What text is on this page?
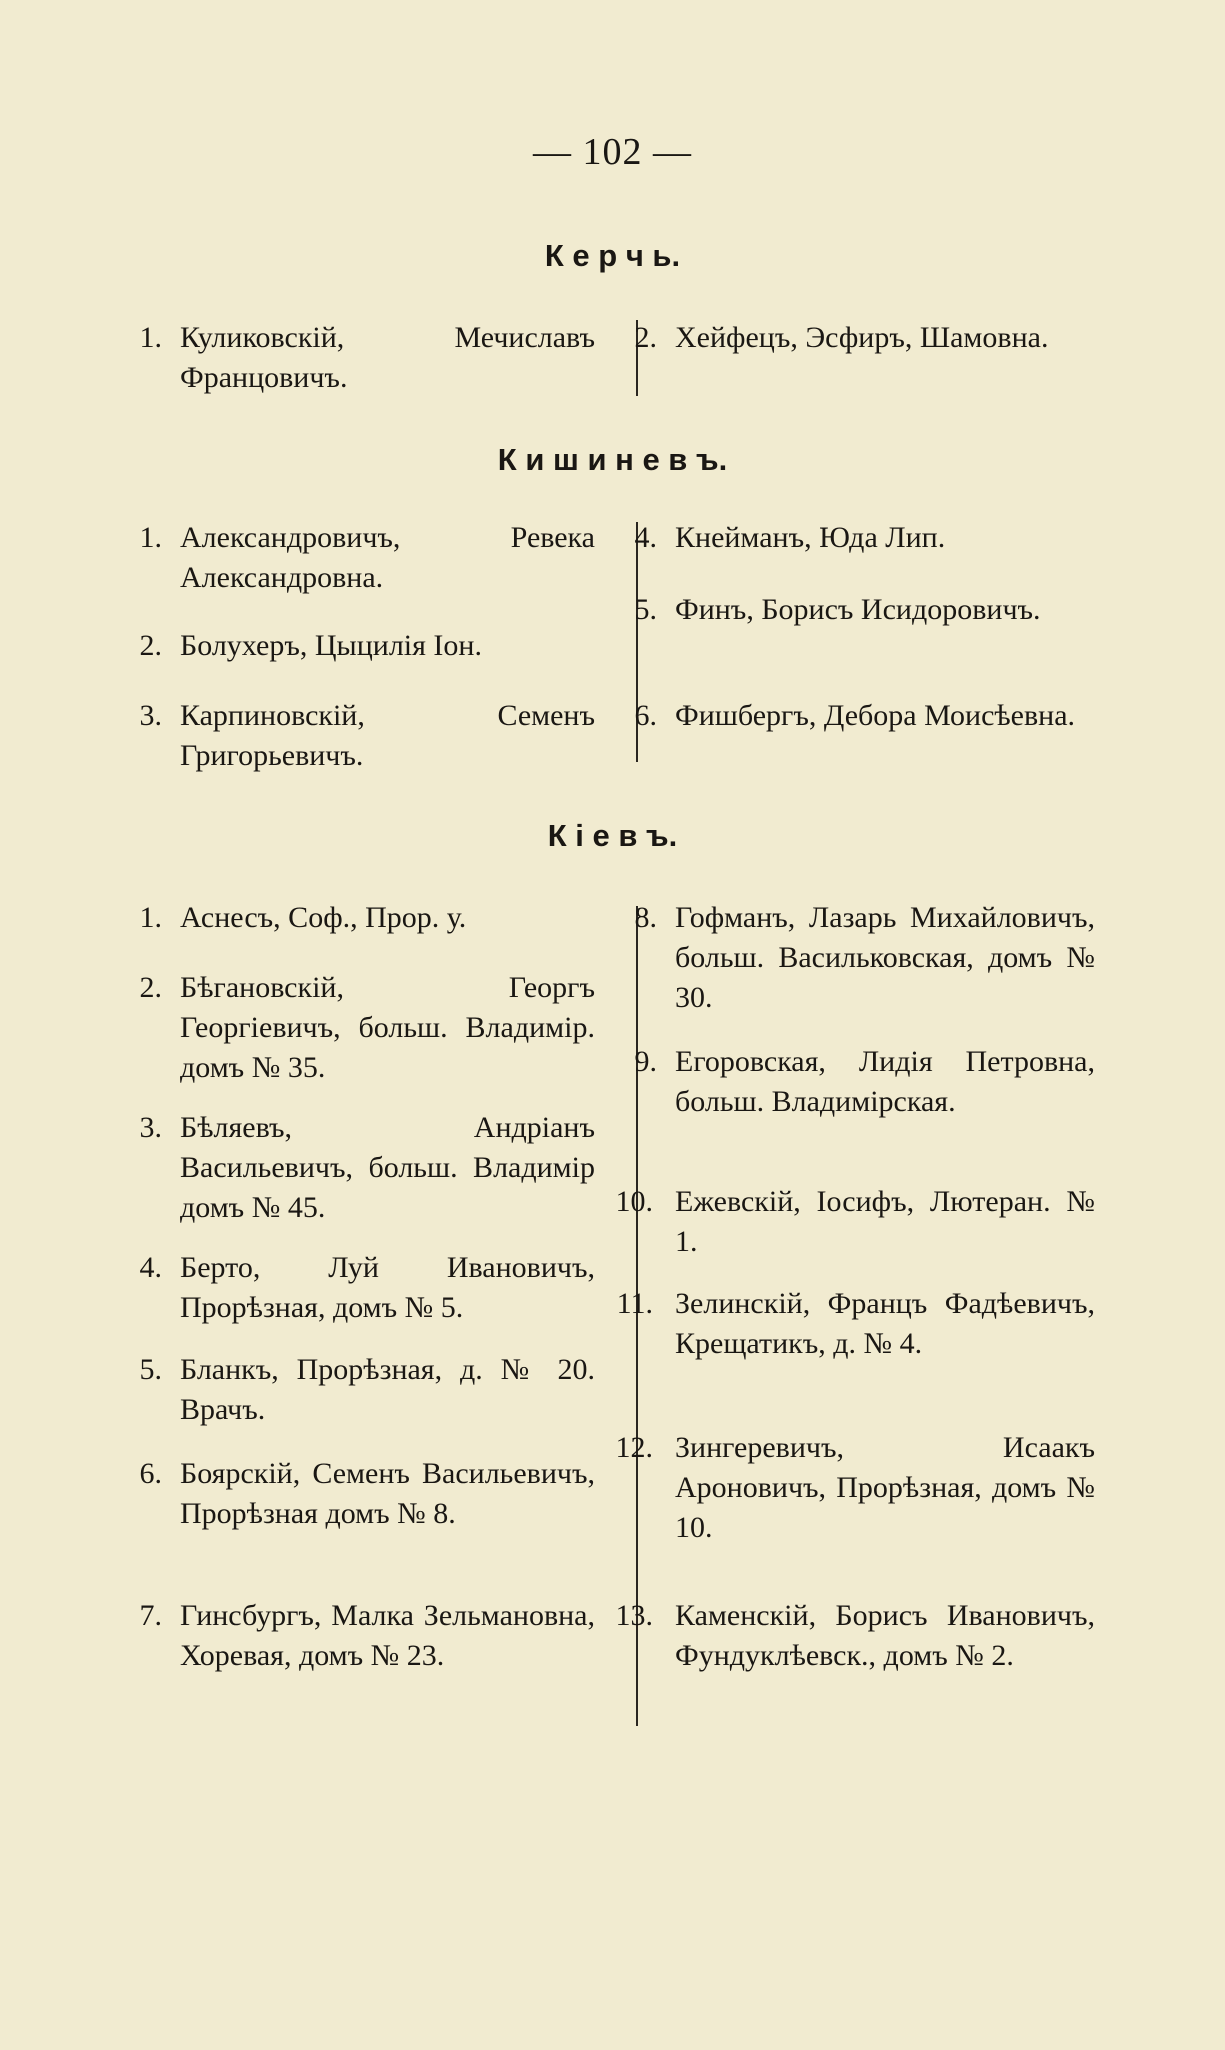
— 102 —
К е р ч ь.
1. Куликовскій, Мечиславъ Францовичъ.
2. Хейфецъ, Эсфиръ, Шамовна.
К и ш и н е в ъ.
1. Александровичъ, Ревека Александровна.
2. Болухеръ, Цыцилія Іон.
3. Карпиновскій, Семенъ Григорьевичъ.
4. Кнейманъ, Юда Лип.
5. Финъ, Борисъ Исидоровичъ.
6. Фишбергъ, Дебора Моисѣевна.
К і е в ъ.
1. Аснесъ, Соф., Прор. у.
2. Бѣгановскій, Георгъ Георгіевичъ, больш. Владимір. домъ № 35.
3. Бѣляевъ, Андріанъ Васильевичъ, больш. Владимір домъ № 45.
4. Берто, Луй Ивановичъ, Прорѣзная, домъ № 5.
5. Бланкъ, Прорѣзная, д. № 20. Врачъ.
6. Боярскій, Семенъ Васильевичъ, Прорѣзная домъ № 8.
7. Гинсбургъ, Малка Зельмановна, Хоревая, домъ № 23.
8. Гофманъ, Лазарь Михайловичъ, больш. Васильковская, домъ № 30.
9. Егоровская, Лидія Петровна, больш. Владимірская.
10. Ежевскій, Іосифъ, Лютеран. № 1.
11. Зелинскій, Францъ Фадѣевичъ, Крещатикъ, д. № 4.
12. Зингеревичъ, Исаакъ Ароновичъ, Прорѣзная, домъ № 10.
13. Каменскій, Борисъ Ивановичъ, Фундуклѣевск., домъ № 2.
